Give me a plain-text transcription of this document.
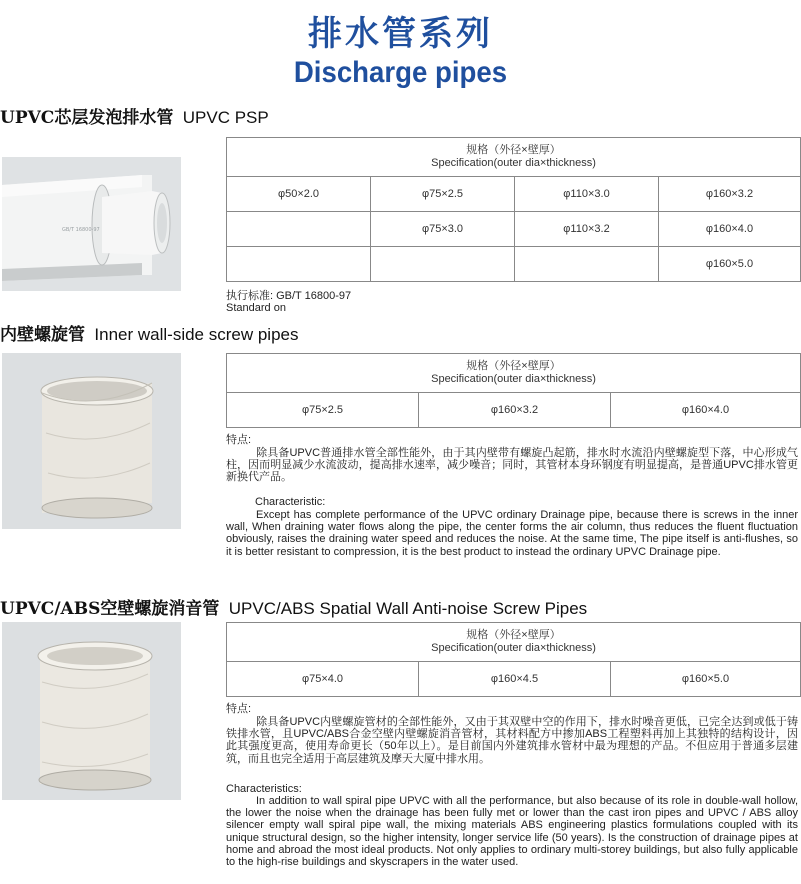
排水管系列
Discharge pipes
UPVC芯层发泡排水管 UPVC PSP
GB/T 16800-97
规格（外径×壁厚）
Specification(outer dia×thickness)			

φ50×2.0	φ75×2.5	φ110×3.0	φ160×3.2
	φ75×3.0	φ110×3.2	φ160×4.0
			φ160×5.0
执行标准: GB/T 16800-97
Standard on
内壁螺旋管 Inner wall-side screw pipes
规格（外径×壁厚）
Specification(outer dia×thickness)

φ75×2.5	φ160×3.2	φ160×4.0
特点:
除具备UPVC普通排水管全部性能外，由于其内壁带有螺旋凸起筋，排水时水流沿内壁螺旋型下落，中心形成气柱，因而明显减少水流波动，提高排水速率，减少噪音；同时，其管材本身环钢度有明显提高，是普通UPVC排水管更新换代产品。
Characteristic:
Except has complete performance of the UPVC ordinary Drainage pipe, because there is screws in the inner wall, When draining water flows along the pipe, the center forms the air column, thus reduces the fluent fluctuation obviously, raises the draining water speed and reduces the noise. At the same time, The pipe itself is anti-flushes, so it is better resistant to compression, it is the best product to instead the ordinary UPVC Drainage pipe.
UPVC/ABS空壁螺旋消音管 UPVC/ABS Spatial Wall Anti-noise Screw Pipes
规格（外径×壁厚）
Specification(outer dia×thickness)

φ75×4.0	φ160×4.5	φ160×5.0
特点:
除具备UPVC内壁螺旋管材的全部性能外，又由于其双壁中空的作用下，排水时噪音更低，已完全达到或低于铸铁排水管，且UPVC/ABS合金空壁内壁螺旋消音管材，其材料配方中掺加ABS工程塑料再加上其独特的结构设计，因此其强度更高，使用寿命更长（50年以上）。是目前国内外建筑排水管材中最为理想的产品。不但应用于普通多层建筑，而且也完全适用于高层建筑及摩天大厦中排水用。
Characteristics:
In addition to wall spiral pipe UPVC with all the performance, but also because of its role in double-wall hollow, the lower the noise when the drainage has been fully met or lower than the cast iron pipes and UPVC / ABS alloy silencer empty wall spiral pipe wall, the mixing materials ABS engineering plastics formulations coupled with its unique structural design, so the higher intensity, longer service life (50 years). Is the construction of drainage pipes at home and abroad the most ideal products. Not only applies to ordinary multi-storey buildings, but also fully applicable to the high-rise buildings and skyscrapers in the water used.
